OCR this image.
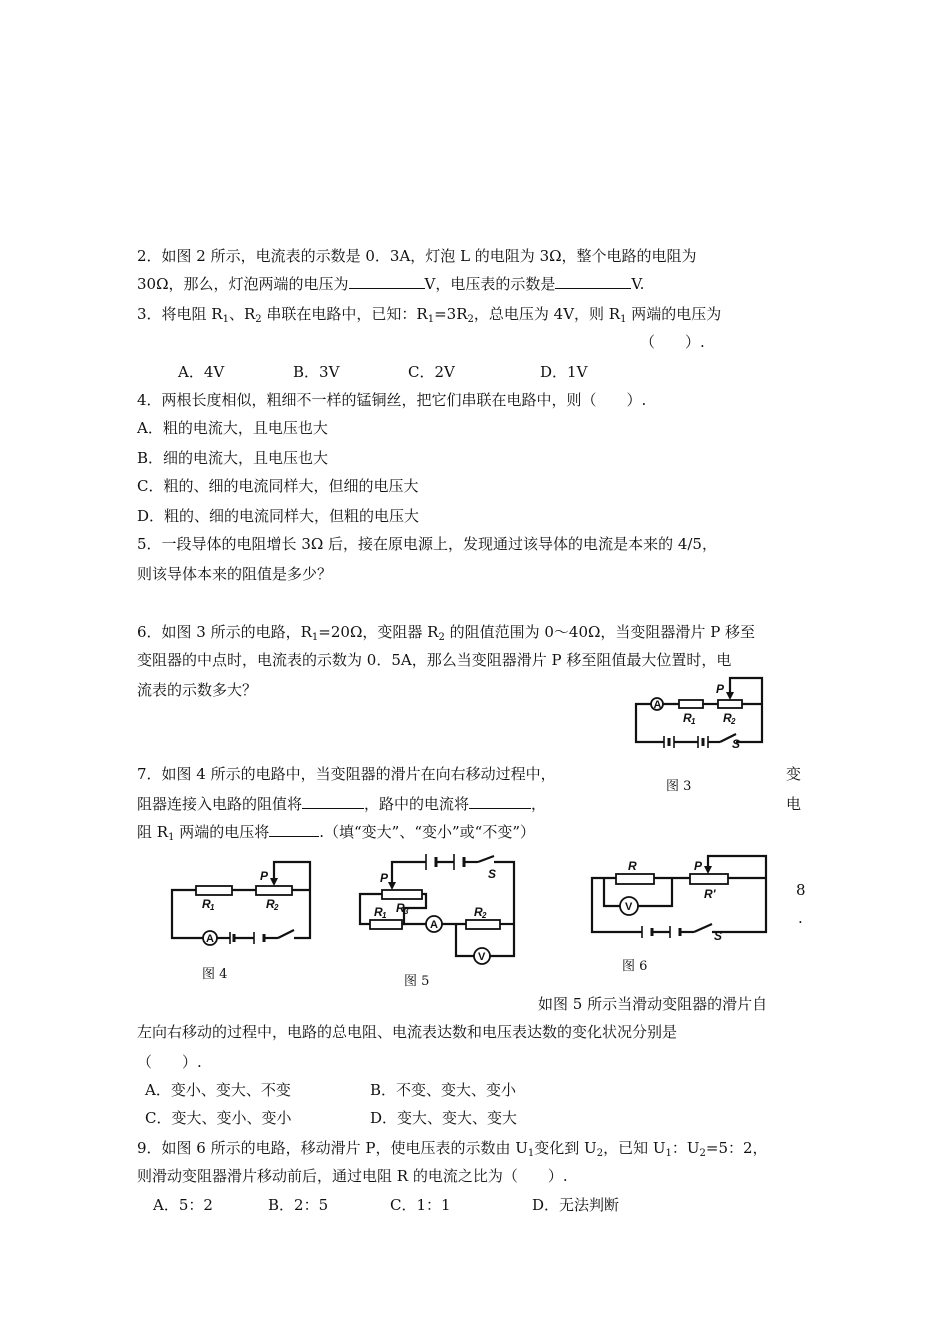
2．如图 2 所示，电流表的示数是 0．3A，灯泡 L 的电阻为 3Ω，整个电路的电阻为
30Ω，那么，灯泡两端的电压为	V，电压表的示数是	V.
3．将电阻 $R_1$、$R_2$ 串联在电路中，已知：$R_1=3R_2$，总电压为 4V，则 $R_1$ 两端的电压为
（　　）.
A．4V	B．3V	C．2V	D．1V
4．两根长度相似，粗细不一样的锰铜丝，把它们串联在电路中，则（　　）.
A．粗的电流大，且电压也大
B．细的电流大，且电压也大
C．粗的、细的电流同样大，但细的电压大
D．粗的、细的电流同样大，但粗的电压大
5．一段导体的电阻增长 3Ω 后，接在原电源上，发现通过该导体的电流是本来的 4/5，
则该导体本来的阻值是多少？
6．如图 3 所示的电路，$R_1=20\Omega$，变阻器 $R_2$ 的阻值范围为 0～40Ω，当变阻器滑片 P 移至
变阻器的中点时，电流表的示数为 0．5A，那么当变阻器滑片 P 移至阻值最大位置时，电
流表的示数多大？
A
R 1 R 2
P
S
图 3
7．如图 4 所示的电路中，当变阻器的滑片在向右移动过程中，	变
阻器连接入电路的阻值将	，路中的电流将	，	电
阻 $R_1$ 两端的电压将	.（填“变大”、“变小”或“不变”）
A
R 1	R 2
P
图 4
A
V
P
R 3
R 1	R 2
S
图 5
V
R	P
R'
S
图 6
8
.
如图 5 所示当滑动变阻器的滑片自
左向右移动的过程中，电路的总电阻、电流表达数和电压表达数的变化状况分别是
（　　）.
A．变小、变大、不变	B．不变、变大、变小
C．变大、变小、变小	D．变大、变大、变大
9．如图 6 所示的电路，移动滑片 P，使电压表的示数由 $U_1$变化到 $U_2$，已知 $U_1$：$U_2=5$：2，
则滑动变阻器滑片移动前后，通过电阻 R 的电流之比为（　　）.
A．5：2	B．2：5	C．1：1	D．无法判断
